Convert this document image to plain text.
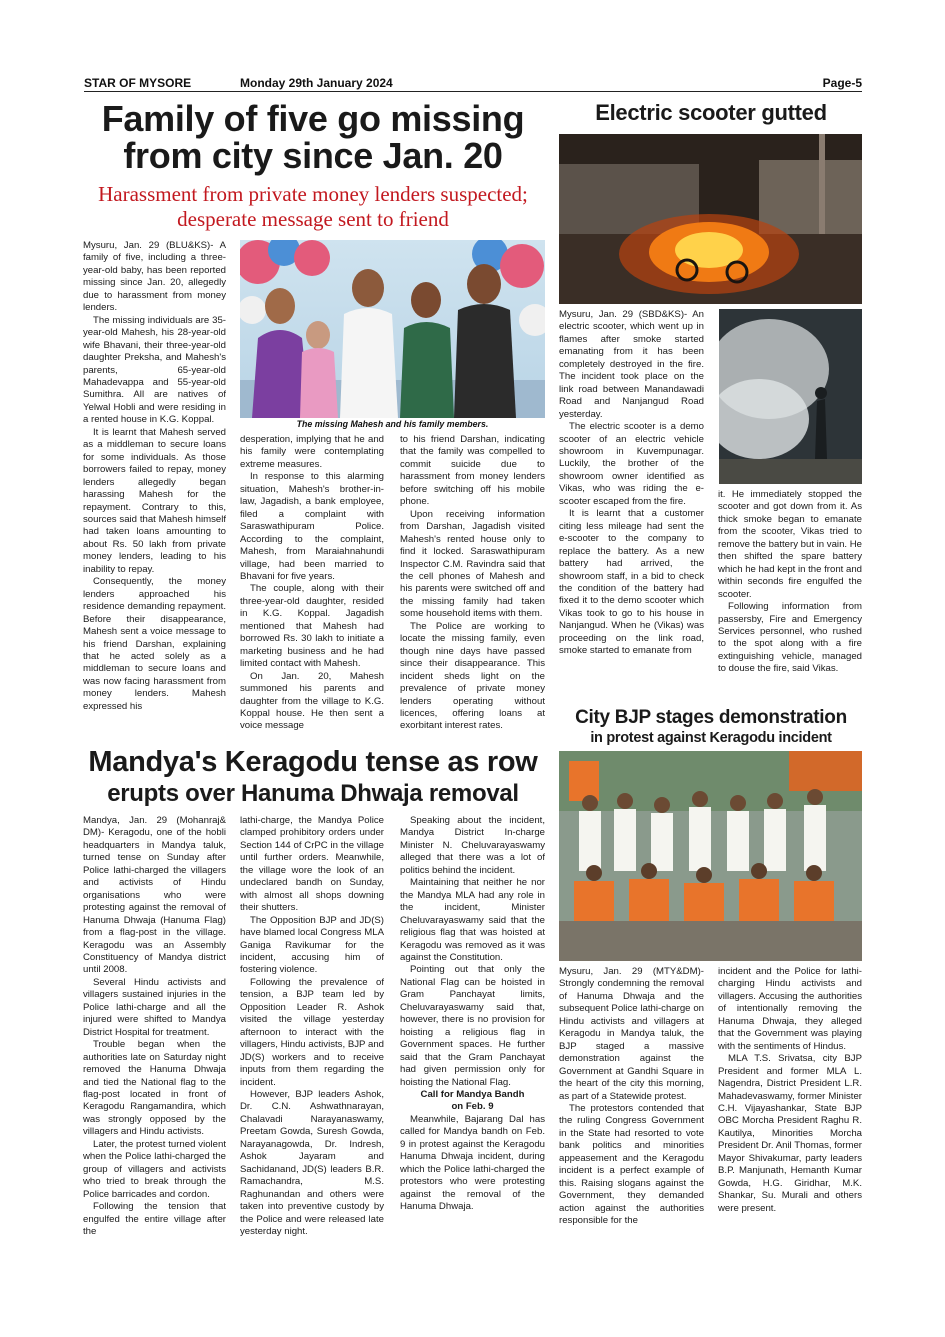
STAR OF MYSORE	Monday 29th January 2024	Page-5
Family of five go missing
from city since Jan. 20
Harassment from private money lenders suspected;
desperate message sent to friend
The missing Mahesh and his family members.

Mysuru, Jan. 29 (BLU&KS)- A family of five, including a three-year-old baby, has been reported missing since Jan. 20, allegedly due to harassment from money lenders.

The missing individuals are 35-year-old Mahesh, his 28-year-old wife Bhavani, their three-year-old daughter Preksha, and Mahesh's parents, 65-year-old Mahadevappa and 55-year-old Sumithra. All are natives of Yelwal Hobli and were residing in a rented house in K.G. Koppal.

It is learnt that Mahesh served as a middleman to secure loans for some individuals. As those borrowers failed to repay, money lenders allegedly began harassing Mahesh for the repayment. Contrary to this, sources said that Mahesh himself had taken loans amounting to about Rs. 50 lakh from private money lenders, leading to his inability to repay.

Consequently, the money lenders approached his residence demanding repayment. Before their disappearance, Mahesh sent a voice message to his friend Darshan, explaining that he acted solely as a middleman to secure loans and was now facing harassment from money lenders. Mahesh expressed his

desperation, implying that he and his family were contemplating extreme measures.

In response to this alarming situation, Mahesh's brother-in-law, Jagadish, a bank employee, filed a complaint with Saraswathipuram Police. According to the complaint, Mahesh, from Maraiahnahundi village, had been married to Bhavani for five years.

The couple, along with their three-year-old daughter, resided in K.G. Koppal. Jagadish mentioned that Mahesh had borrowed Rs. 30 lakh to initiate a marketing business and he had limited contact with Mahesh.

On Jan. 20, Mahesh summoned his parents and daughter from the village to K.G. Koppal house. He then sent a voice message

to his friend Darshan, indicating that the family was compelled to commit suicide due to harassment from money lenders before switching off his mobile phone.

Upon receiving information from Darshan, Jagadish visited Mahesh's rented house only to find it locked. Saraswathipuram Inspector C.M. Ravindra said that the cell phones of Mahesh and his parents were switched off and the missing family had taken some household items with them.

The Police are working to locate the missing family, even though nine days have passed since their disappearance. This incident sheds light on the prevalence of private money lenders operating without licences, offering loans at exorbitant interest rates.

Electric scooter gutted

Mysuru, Jan. 29 (SBD&KS)- An electric scooter, which went up in flames after smoke started emanating from it has been completely destroyed in the fire. The incident took place on the link road between Manandawadi Road and Nanjangud Road yesterday.

The electric scooter is a demo scooter of an electric vehicle showroom in Kuvempunagar. Luckily, the brother of the showroom owner identified as Vikas, who was riding the e-scooter escaped from the fire.

It is learnt that a customer citing less mileage had sent the e-scooter to the company to replace the battery. As a new battery had arrived, the showroom staff, in a bid to check the condition of the battery had fixed it to the demo scooter which Vikas took to go to his house in Nanjangud. When he (Vikas) was proceeding on the link road, smoke started to emanate from

it. He immediately stopped the scooter and got down from it. As thick smoke began to emanate from the scooter, Vikas tried to remove the battery but in vain. He then shifted the spare battery which he had kept in the front and within seconds fire engulfed the scooter.

Following information from passersby, Fire and Emergency Services personnel, who rushed to the spot along with a fire extinguishing vehicle, managed to douse the fire, said Vikas.

Mandya's Keragodu tense as row
erupts over Hanuma Dhwaja removal

Mandya, Jan. 29 (Mohanraj& DM)- Keragodu, one of the hobli headquarters in Mandya taluk, turned tense on Sunday after Police lathi-charged the villagers and activists of Hindu organisations who were protesting against the removal of Hanuma Dhwaja (Hanuma Flag) from a flag-post in the village. Keragodu was an Assembly Constituency of Mandya district until 2008.

Several Hindu activists and villagers sustained injuries in the Police lathi-charge and all the injured were shifted to Mandya District Hospital for treatment.

Trouble began when the authorities late on Saturday night removed the Hanuma Dhwaja and tied the National flag to the flag-post located in front of Keragodu Rangamandira, which was strongly opposed by the villagers and Hindu activists.

Later, the protest turned violent when the Police lathi-charged the group of villagers and activists who tried to break through the Police barricades and cordon.

Following the tension that engulfed the entire village after the

lathi-charge, the Mandya Police clamped prohibitory orders under Section 144 of CrPC in the village until further orders. Meanwhile, the village wore the look of an undeclared bandh on Sunday, with almost all shops downing their shutters.

The Opposition BJP and JD(S) have blamed local Congress MLA Ganiga Ravikumar for the incident, accusing him of fostering violence.

Following the prevalence of tension, a BJP team led by Opposition Leader R. Ashok visited the village yesterday afternoon to interact with the villagers, Hindu activists, BJP and JD(S) workers and to receive inputs from them regarding the incident.

However, BJP leaders Ashok, Dr. C.N. Ashwathnarayan, Chalavadi Narayanaswamy, Preetam Gowda, Suresh Gowda, Narayanagowda, Dr. Indresh, Ashok Jayaram and Sachidanand, JD(S) leaders B.R. Ramachandra, M.S. Raghunandan and others were taken into preventive custody by the Police and were released late yesterday night.

Speaking about the incident, Mandya District In-charge Minister N. Cheluvarayaswamy alleged that there was a lot of politics behind the incident.

Maintaining that neither he nor the Mandya MLA had any role in the incident, Minister Cheluvarayaswamy said that the religious flag that was hoisted at Keragodu was removed as it was against the Constitution.

Pointing out that only the National Flag can be hoisted in Gram Panchayat limits, Cheluvarayaswamy said that, however, there is no provision for hoisting a religious flag in Government spaces. He further said that the Gram Panchayat had given permission only for hoisting the National Flag.

Call for Mandya Bandh

on Feb. 9

Meanwhile, Bajarang Dal has called for Mandya bandh on Feb. 9 in protest against the Keragodu Hanuma Dhwaja incident, during which the Police lathi-charged the protestors who were protesting against the removal of the Hanuma Dhwaja.

City BJP stages demonstration
in protest against Keragodu incident

Mysuru, Jan. 29 (MTY&DM)- Strongly condemning the removal of Hanuma Dhwaja and the subsequent Police lathi-charge on Hindu activists and villagers at Keragodu in Mandya taluk, the BJP staged a massive demonstration against the Government at Gandhi Square in the heart of the city this morning, as part of a Statewide protest.

The protestors contended that the ruling Congress Government in the State had resorted to vote bank politics and minorities appeasement and the Keragodu incident is a perfect example of this. Raising slogans against the Government, they demanded action against the authorities responsible for the

incident and the Police for lathi-charging Hindu activists and villagers. Accusing the authorities of intentionally removing the Hanuma Dhwaja, they alleged that the Government was playing with the sentiments of Hindus.

MLA T.S. Srivatsa, city BJP President and former MLA L. Nagendra, District President L.R. Mahadevaswamy, former Minister C.H. Vijayashankar, State BJP OBC Morcha President Raghu R. Kautilya, Minorities Morcha President Dr. Anil Thomas, former Mayor Shivakumar, party leaders B.P. Manjunath, Hemanth Kumar Gowda, H.G. Giridhar, M.K. Shankar, Su. Murali and others were present.
